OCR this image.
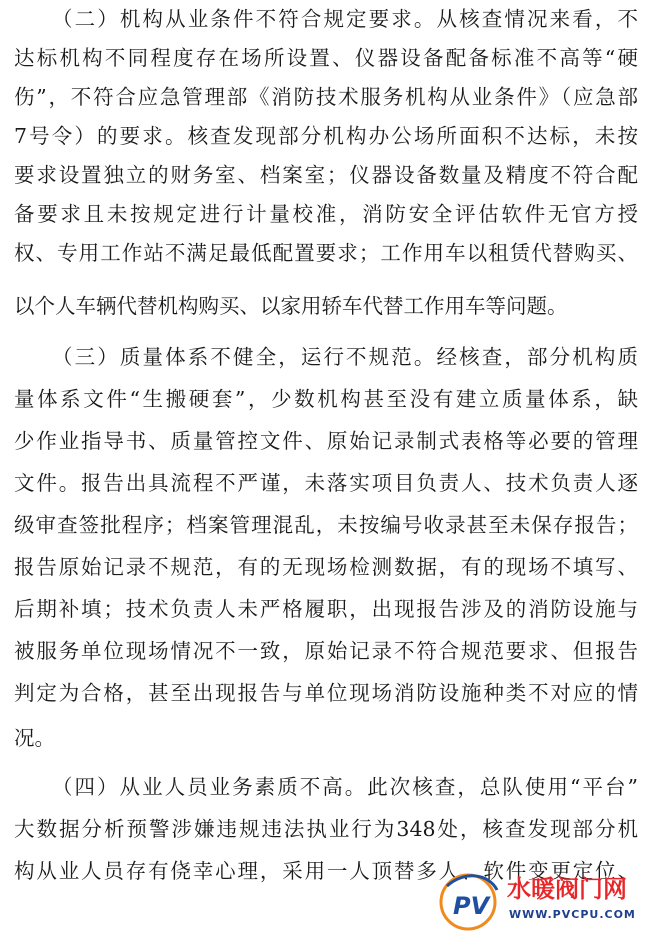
（二）机构从业条件不符合规定要求。从核查情况来看，不
达标机构不同程度存在场所设置、仪器设备配备标准不高等“硬
伤”，不符合应急管理部《消防技术服务机构从业条件》（应急部
7号令）的要求。核查发现部分机构办公场所面积不达标，未按
要求设置独立的财务室、档案室；仪器设备数量及精度不符合配
备要求且未按规定进行计量校准，消防安全评估软件无官方授
权、专用工作站不满足最低配置要求；工作用车以租赁代替购买、
以个人车辆代替机构购买、以家用轿车代替工作用车等问题。
（三）质量体系不健全，运行不规范。经核查，部分机构质
量体系文件“生搬硬套”，少数机构甚至没有建立质量体系，缺
少作业指导书、质量管控文件、原始记录制式表格等必要的管理
文件。报告出具流程不严谨，未落实项目负责人、技术负责人逐
级审查签批程序；档案管理混乱，未按编号收录甚至未保存报告；
报告原始记录不规范，有的无现场检测数据，有的现场不填写、
后期补填；技术负责人未严格履职，出现报告涉及的消防设施与
被服务单位现场情况不一致，原始记录不符合规范要求、但报告
判定为合格，甚至出现报告与单位现场消防设施种类不对应的情
况。
（四）从业人员业务素质不高。此次核查，总队使用“平台”
大数据分析预警涉嫌违规违法执业行为348处，核查发现部分机
构从业人员存有侥幸心理，采用一人顶替多人、软件变更定位、
PV
水暖阀门网
WWW.PVCPU.COM
